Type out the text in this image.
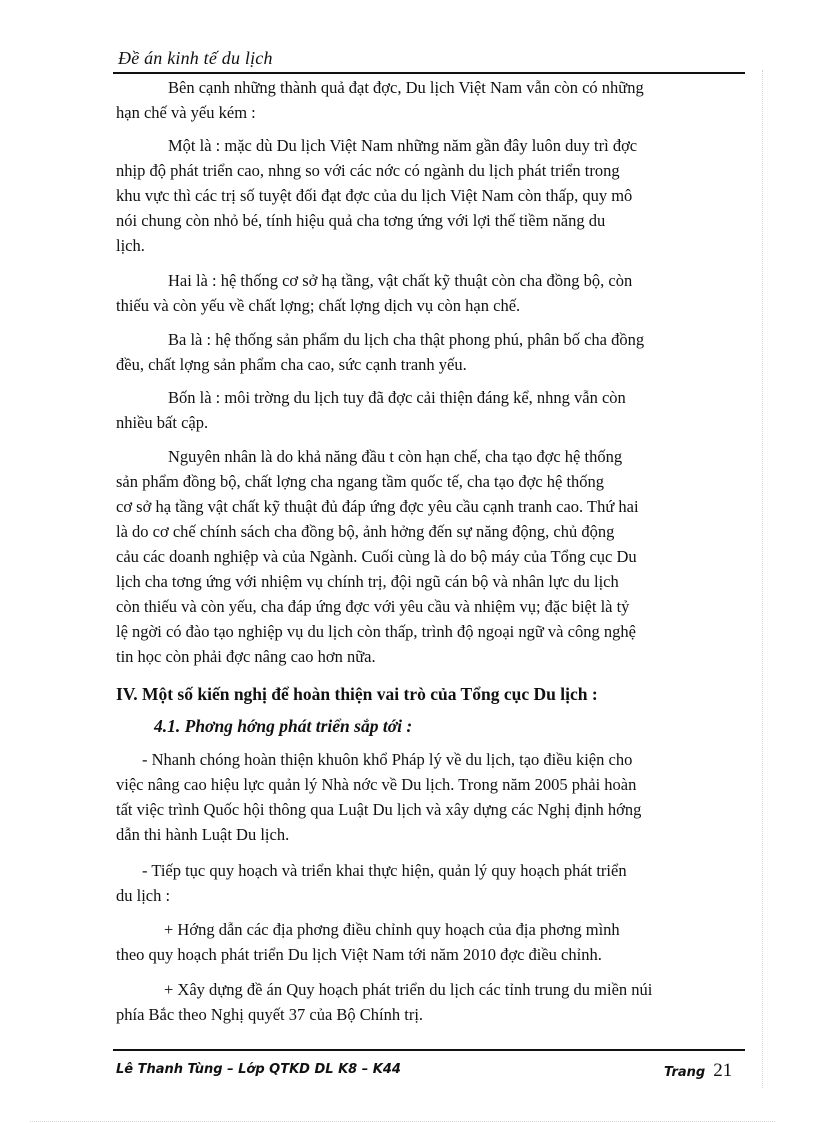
Đề án kinh tế du lịch
Bên cạnh những thành quả đạt đợc, Du lịch Việt Nam vẫn còn có những
hạn chế và yếu kém :
Một là : mặc dù Du lịch Việt Nam những năm gần đây luôn duy trì đợc
nhịp độ phát triển cao, nhng so với các nớc có ngành du lịch phát triển trong
khu vực thì các trị số tuyệt đối đạt đợc của du lịch Việt Nam còn thấp, quy mô
nói chung còn nhỏ bé, tính hiệu quả cha tơng ứng với lợi thế tiềm năng du
lịch.
Hai là : hệ thống cơ sở hạ tầng, vật chất kỹ thuật còn cha đồng bộ, còn
thiếu và còn yếu về chất lợng; chất lợng dịch vụ còn hạn chế.
Ba là : hệ thống sản phẩm du lịch cha thật phong phú, phân bố cha đồng
đều, chất lợng sản phẩm cha cao, sức cạnh tranh yếu.
Bốn là : môi trờng du lịch tuy đã đợc cải thiện đáng kể, nhng vẫn còn
nhiều bất cập.
Nguyên nhân là do khả năng đầu t còn hạn chế, cha tạo đợc hệ thống
sản phẩm đồng bộ, chất lợng cha ngang tầm quốc tế, cha tạo đợc hệ thống
cơ sở hạ tầng vật chất kỹ thuật đủ đáp ứng đợc yêu cầu cạnh tranh cao. Thứ hai
là do cơ chế chính sách cha đồng bộ, ảnh hởng đến sự năng động, chủ động
cảu các doanh nghiệp và của Ngành. Cuối cùng là do bộ máy của Tổng cục Du
lịch cha tơng ứng với nhiệm vụ chính trị, đội ngũ cán bộ và nhân lực du lịch
còn thiếu và còn yếu, cha đáp ứng đợc với yêu cầu và nhiệm vụ; đặc biệt là tỷ
lệ ngời có đào tạo nghiệp vụ du lịch còn thấp, trình độ ngoại ngữ và công nghệ
tin học còn phải đợc nâng cao hơn nữa.
IV. Một số kiến nghị để hoàn thiện vai trò của Tổng cục Du lịch :
4.1. Phơng hớng phát triển sắp tới :
- Nhanh chóng hoàn thiện khuôn khổ Pháp lý về du lịch, tạo điều kiện cho
việc nâng cao hiệu lực quản lý Nhà nớc về Du lịch. Trong năm 2005 phải hoàn
tất việc trình Quốc hội thông qua Luật Du lịch và xây dựng các Nghị định hớng
dẫn thi hành Luật Du lịch.
- Tiếp tục quy hoạch và triển khai thực hiện, quản lý quy hoạch phát triển
du lịch :
+ Hớng dẫn các địa phơng điều chỉnh quy hoạch của địa phơng mình
theo quy hoạch phát triển Du lịch Việt Nam tới năm 2010 đợc điều chỉnh.
+ Xây dựng đề án Quy hoạch phát triển du lịch các tỉnh trung du miền núi
phía Bắc theo Nghị quyết 37 của Bộ Chính trị.
Lê Thanh Tùng – Lớp QTKD DL K8 – K44	Trang 21
